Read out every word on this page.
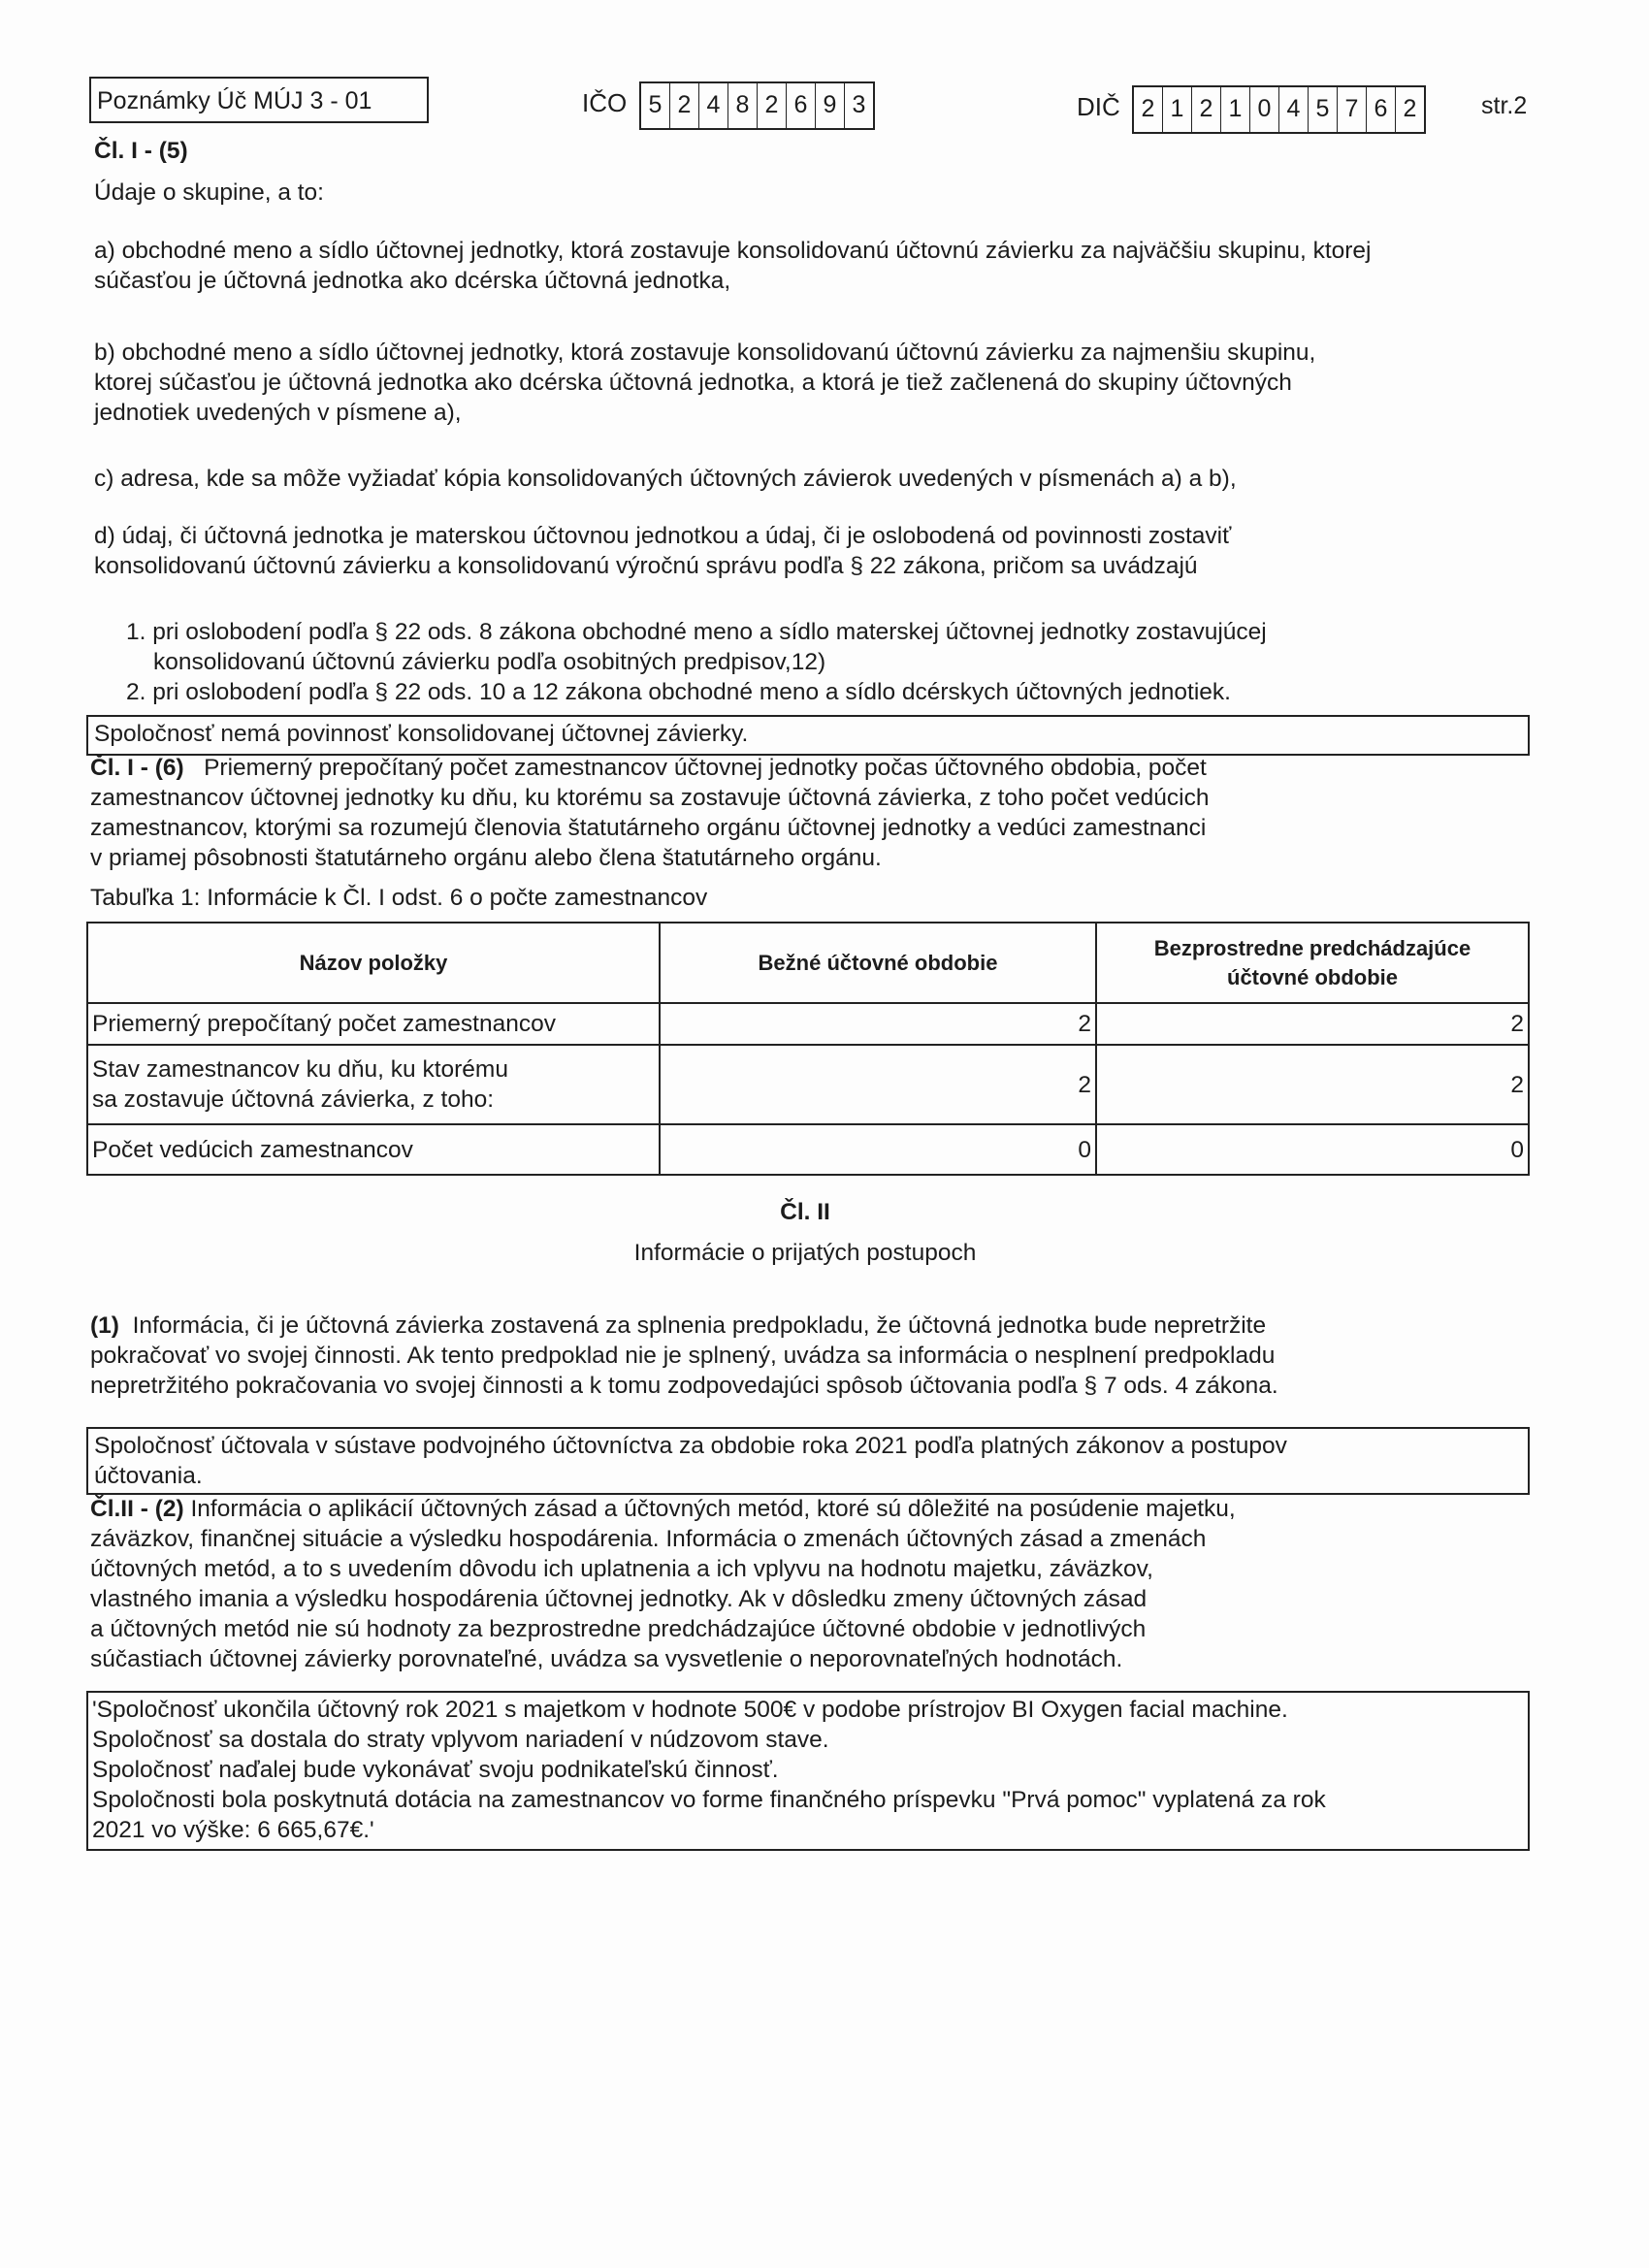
Poznámky Úč MÚJ 3 - 01	IČO 5 2 4 8 2 6 9 3	DIČ 2 1 2 1 0 4 5 7 6 2	str.2
Čl. I - (5)
Údaje o skupine, a to:
a) obchodné meno a sídlo účtovnej jednotky, ktorá zostavuje konsolidovanú účtovnú závierku za najväčšiu skupinu, ktorej
súčasťou je účtovná jednotka ako dcérska účtovná jednotka,
b) obchodné meno a sídlo účtovnej jednotky, ktorá zostavuje konsolidovanú účtovnú závierku za najmenšiu skupinu,
ktorej súčasťou je účtovná jednotka ako dcérska účtovná jednotka, a ktorá je tiež začlenená do skupiny účtovných
jednotiek uvedených v písmene a),
c) adresa, kde sa môže vyžiadať kópia konsolidovaných účtovných závierok uvedených v písmenách a) a b),
d) údaj, či účtovná jednotka je materskou účtovnou jednotkou a údaj, či je oslobodená od povinnosti zostaviť
konsolidovanú účtovnú závierku a konsolidovanú výročnú správu podľa § 22 zákona, pričom sa uvádzajú
1. pri oslobodení podľa § 22 ods. 8 zákona obchodné meno a sídlo materskej účtovnej jednotky zostavujúcej
konsolidovanú účtovnú závierku podľa osobitných predpisov,12)
2. pri oslobodení podľa § 22 ods. 10 a 12 zákona obchodné meno a sídlo dcérskych účtovných jednotiek.
Spoločnosť nemá povinnosť konsolidovanej účtovnej závierky.
Čl. I - (6) Priemerný prepočítaný počet zamestnancov účtovnej jednotky počas účtovného obdobia, počet
zamestnancov účtovnej jednotky ku dňu, ku ktorému sa zostavuje účtovná závierka, z toho počet vedúcich
zamestnancov, ktorými sa rozumejú členovia štatutárneho orgánu účtovnej jednotky a vedúci zamestnanci
v priamej pôsobnosti štatutárneho orgánu alebo člena štatutárneho orgánu.
Tabuľka 1: Informácie k Čl. I odst. 6 o počte zamestnancov
Názov položky	Bežné účtovné obdobie	Bezprostredne predchádzajúce
účtovné obdobie

Priemerný prepočítaný počet zamestnancov	2	2

Stav zamestnancov ku dňu, ku ktorému
sa zostavuje účtovná závierka, z toho:	2	2
Počet vedúcich zamestnancov	0	0
Čl. II
Informácie o prijatých postupoch
(1) Informácia, či je účtovná závierka zostavená za splnenia predpokladu, že účtovná jednotka bude nepretržite
pokračovať vo svojej činnosti. Ak tento predpoklad nie je splnený, uvádza sa informácia o nesplnení predpokladu
nepretržitého pokračovania vo svojej činnosti a k tomu zodpovedajúci spôsob účtovania podľa § 7 ods. 4 zákona.
Spoločnosť účtovala v sústave podvojného účtovníctva za obdobie roka 2021 podľa platných zákonov a postupov
účtovania.
Čl.II - (2) Informácia o aplikácií účtovných zásad a účtovných metód, ktoré sú dôležité na posúdenie majetku,
záväzkov, finančnej situácie a výsledku hospodárenia. Informácia o zmenách účtovných zásad a zmenách
účtovných metód, a to s uvedením dôvodu ich uplatnenia a ich vplyvu na hodnotu majetku, záväzkov,
vlastného imania a výsledku hospodárenia účtovnej jednotky. Ak v dôsledku zmeny účtovných zásad
a účtovných metód nie sú hodnoty za bezprostredne predchádzajúce účtovné obdobie v jednotlivých
súčastiach účtovnej závierky porovnateľné, uvádza sa vysvetlenie o neporovnateľných hodnotách.
'Spoločnosť ukončila účtovný rok 2021 s majetkom v hodnote 500€ v podobe prístrojov BI Oxygen facial machine.
Spoločnosť sa dostala do straty vplyvom nariadení v núdzovom stave.
Spoločnosť naďalej bude vykonávať svoju podnikateľskú činnosť.
Spoločnosti bola poskytnutá dotácia na zamestnancov vo forme finančného príspevku "Prvá pomoc" vyplatená za rok
2021 vo výške: 6 665,67€.'
